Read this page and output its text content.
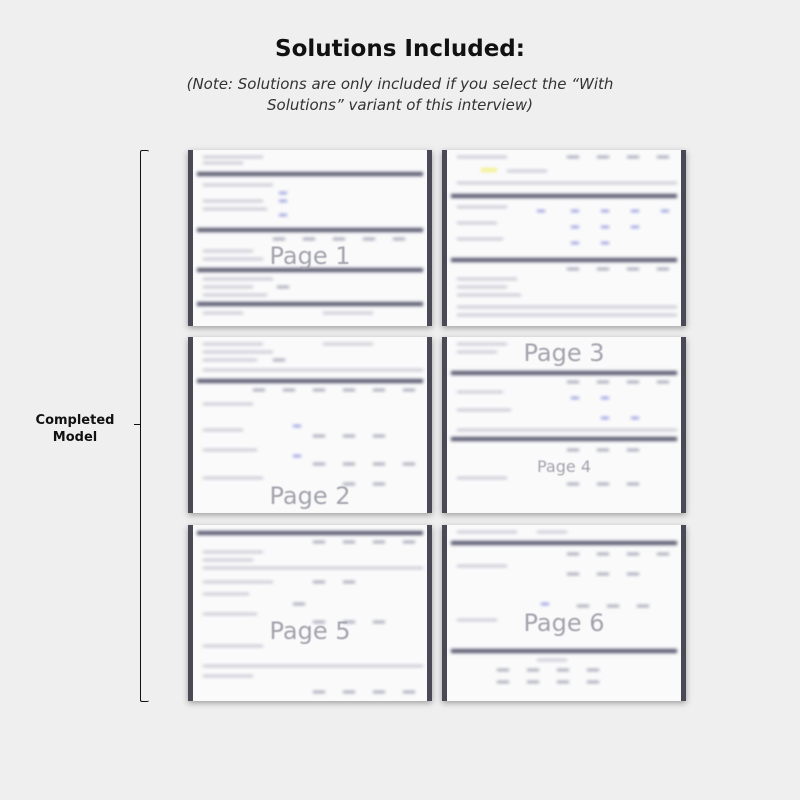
Solutions Included:
(Note: Solutions are only included if you select the “With Solutions” variant of this interview)
Completed Model
Page 1
Page 2
Page 3
Page 4
Page 5	Page 6
